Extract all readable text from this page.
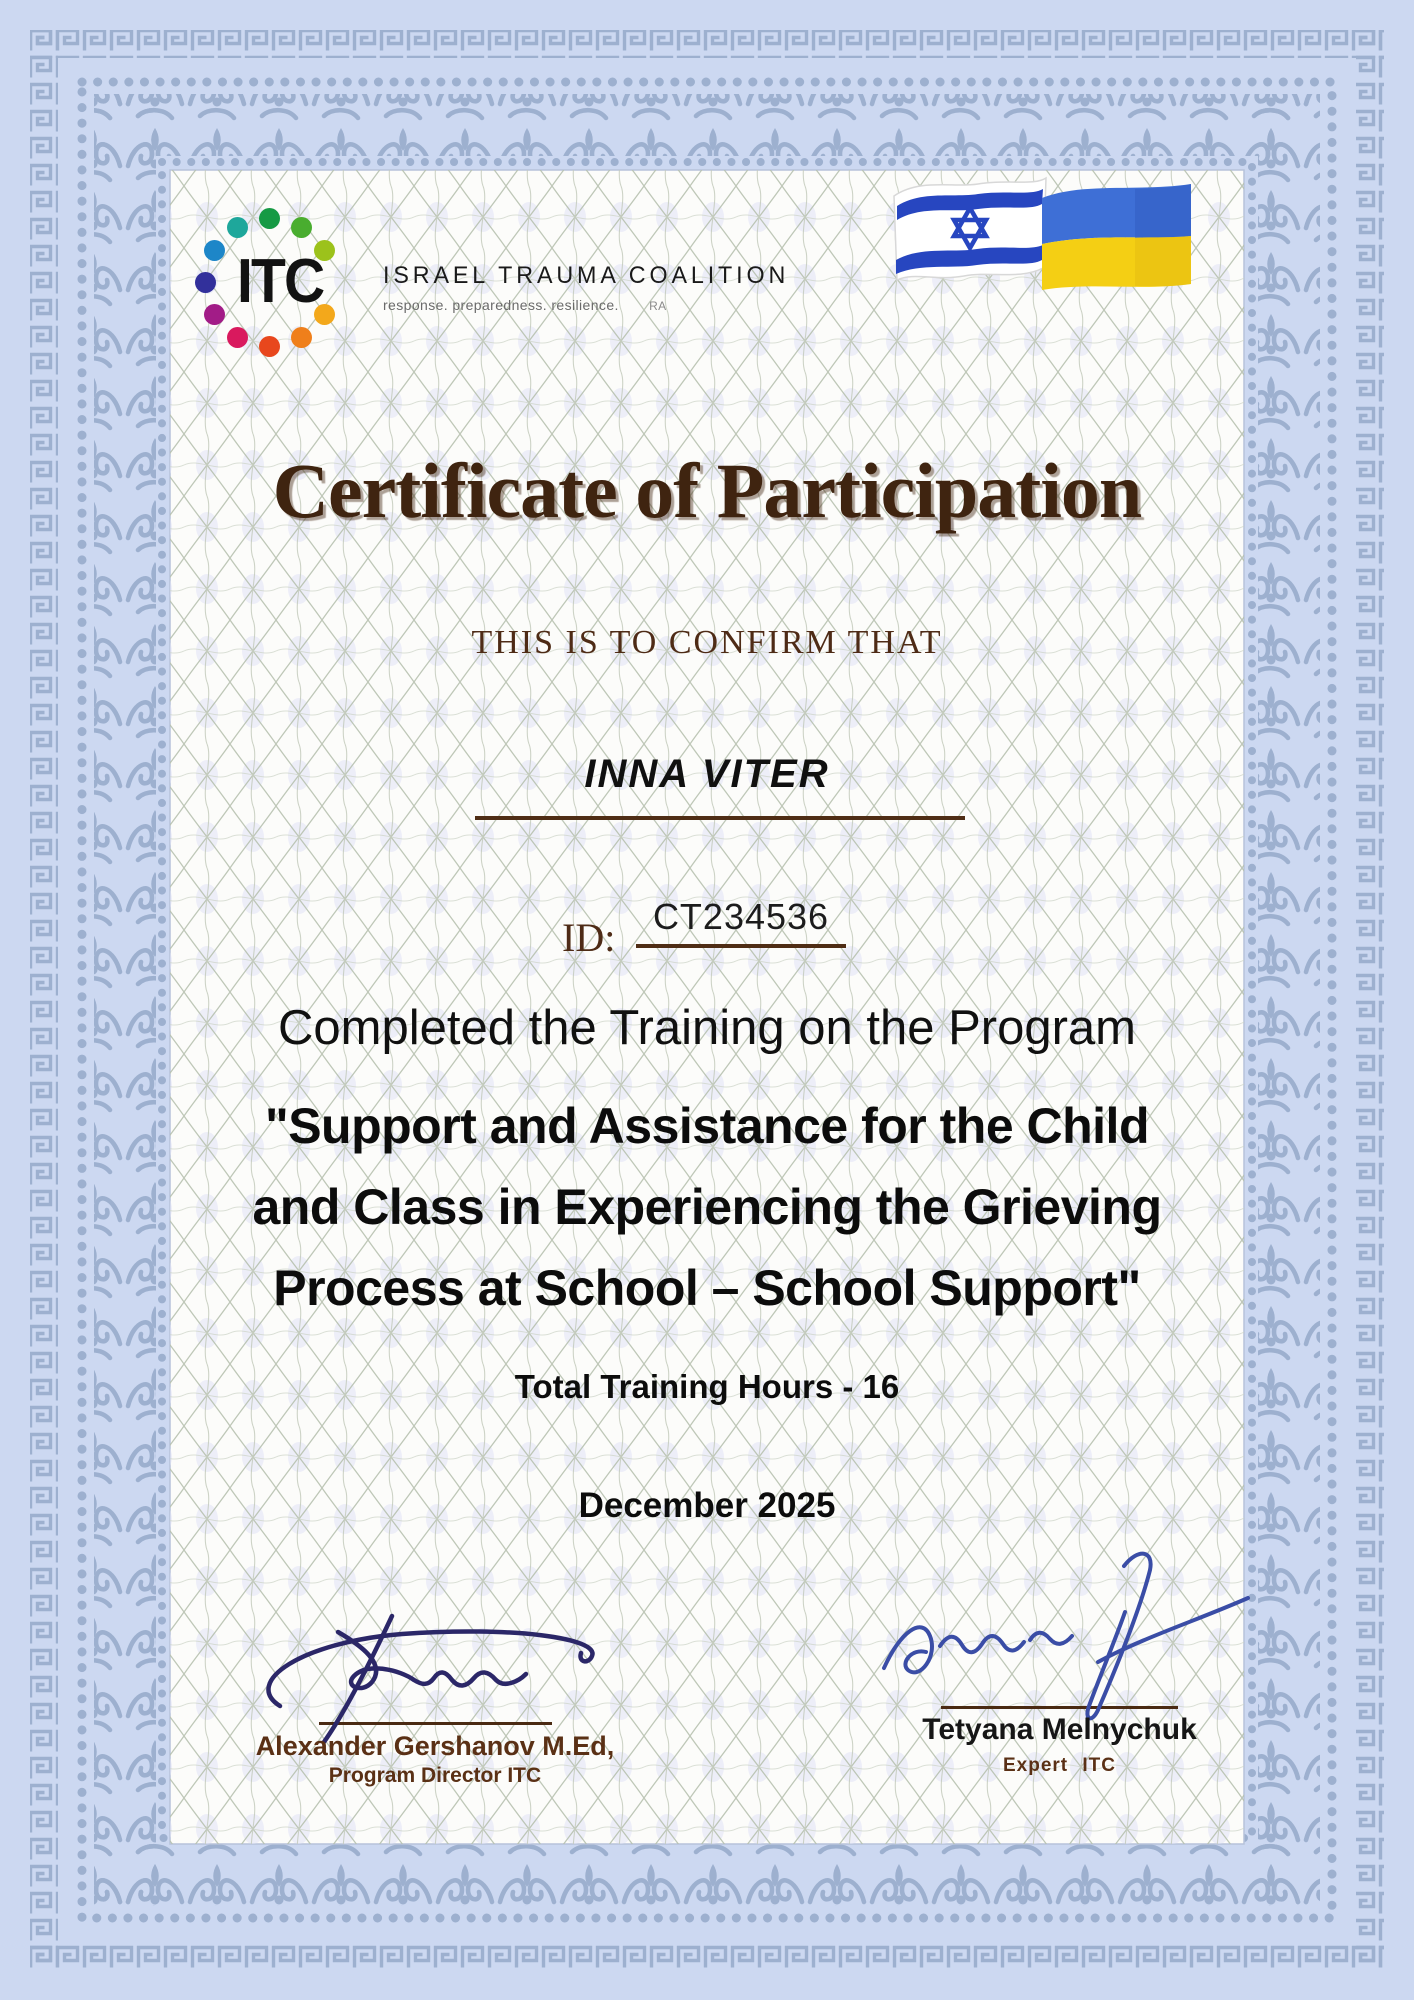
ITC ISRAEL TRAUMA COALITION
response. preparedness. resilience.	RA
Certificate of Participation
THIS IS TO CONFIRM THAT
INNA VITER
ID:	CT234536
Completed the Training on the Program
"Support and Assistance for the Child
and Class in Experiencing the Grieving
Process at School – School Support"
Total Training Hours - 16
December 2025
Alexander Gershanov M.Ed,
Program Director ITC
Tetyana Melnychuk
Expert ITC
